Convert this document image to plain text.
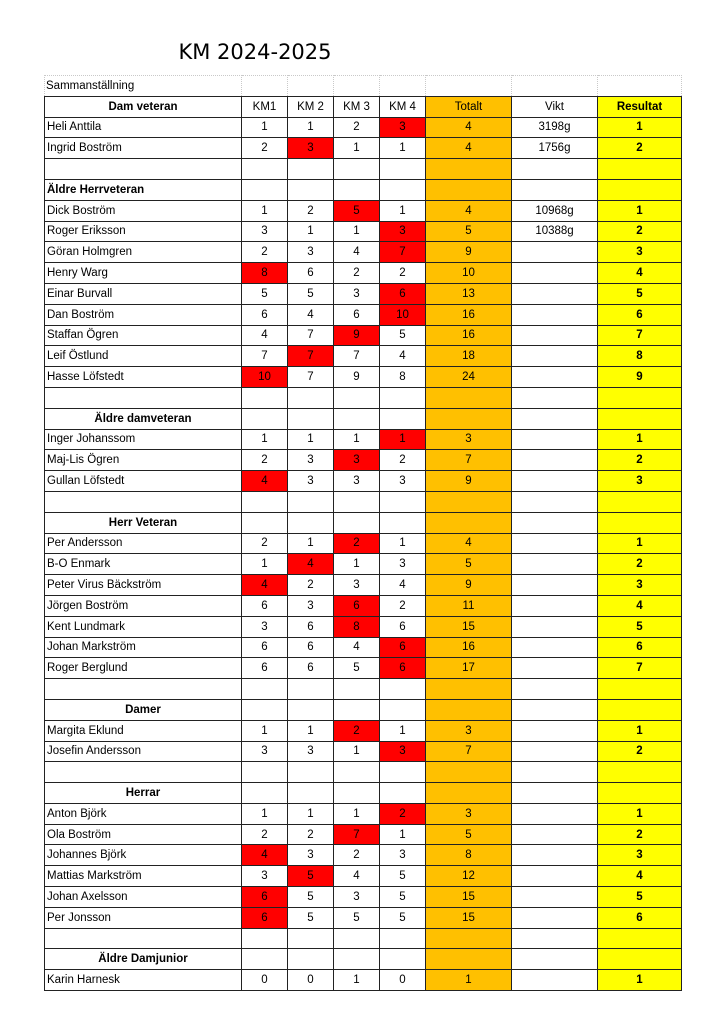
KM 2024-2025
Sammanställning							
Dam veteran	KM1	KM 2	KM 3	KM 4	Totalt	Vikt	Resultat
Heli Anttila	1	1	2	3	4	3198g	1
Ingrid Boström	2	3	1	1	4	1756g	2

Äldre Herrveteran							
Dick Boström	1	2	5	1	4	10968g	1
Roger Eriksson	3	1	1	3	5	10388g	2
Göran Holmgren	2	3	4	7	9		3
Henry Warg	8	6	2	2	10		4
Einar Burvall	5	5	3	6	13		5
Dan Boström	6	4	6	10	16		6
Staffan Ögren	4	7	9	5	16		7
Leif Östlund	7	7	7	4	18		8
Hasse Löfstedt	10	7	9	8	24		9

Äldre damveteran							
Inger Johanssom	1	1	1	1	3		1
Maj-Lis Ögren	2	3	3	2	7		2
Gullan Löfstedt	4	3	3	3	9		3

Herr Veteran							
Per Andersson	2	1	2	1	4		1
B-O Enmark	1	4	1	3	5		2
Peter Virus Bäckström	4	2	3	4	9		3
Jörgen Boström	6	3	6	2	11		4
Kent Lundmark	3	6	8	6	15		5
Johan Markström	6	6	4	6	16		6
Roger Berglund	6	6	5	6	17		7

Damer							
Margita Eklund	1	1	2	1	3		1
Josefin Andersson	3	3	1	3	7		2

Herrar							
Anton Björk	1	1	1	2	3		1
Ola Boström	2	2	7	1	5		2
Johannes Björk	4	3	2	3	8		3
Mattias Markström	3	5	4	5	12		4
Johan Axelsson	6	5	3	5	15		5
Per Jonsson	6	5	5	5	15		6

Äldre Damjunior							
Karin Harnesk	0	0	1	0	1		1
